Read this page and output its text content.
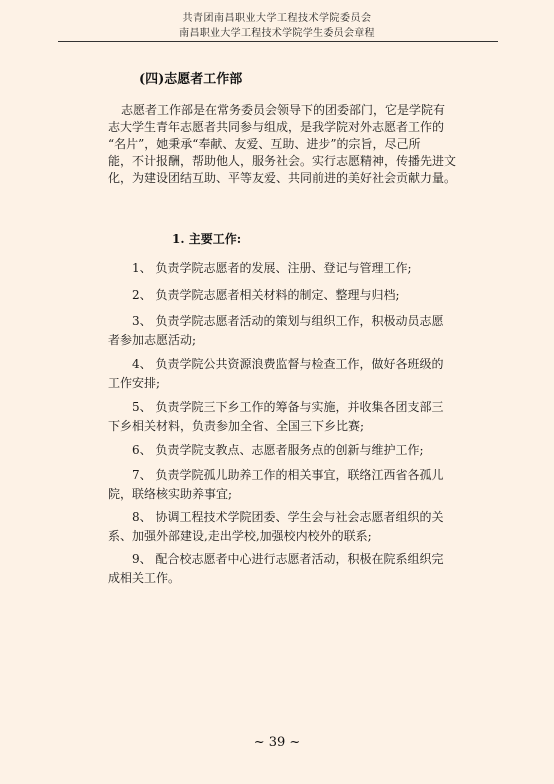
共青团南昌职业大学工程技术学院委员会
南昌职业大学工程技术学院学生委员会章程
(四)志愿者工作部
志愿者工作部是在常务委员会领导下的团委部门，它是学院有
志大学生青年志愿者共同参与组成，是我学院对外志愿者工作的
“名片”，她秉承“奉献、友爱、互助、进步”的宗旨，尽己所
能，不计报酬，帮助他人，服务社会。实行志愿精神，传播先进文
化，为建设团结互助、平等友爱、共同前进的美好社会贡献力量。
1. 主要工作:
1、 负责学院志愿者的发展、注册、登记与管理工作;
2、 负责学院志愿者相关材料的制定、整理与归档;
3、 负责学院志愿者活动的策划与组织工作，积极动员志愿
者参加志愿活动;
4、 负责学院公共资源浪费监督与检查工作，做好各班级的
工作安排;
5、 负责学院三下乡工作的筹备与实施，并收集各团支部三
下乡相关材料，负责参加全省、全国三下乡比赛;
6、 负责学院支教点、志愿者服务点的创新与维护工作;
7、 负责学院孤儿助养工作的相关事宜，联络江西省各孤儿
院，联络核实助养事宜;
8、 协调工程技术学院团委、学生会与社会志愿者组织的关
系、加强外部建设,走出学校,加强校内校外的联系;
9、 配合校志愿者中心进行志愿者活动，积极在院系组织完
成相关工作。
~ 39 ~
